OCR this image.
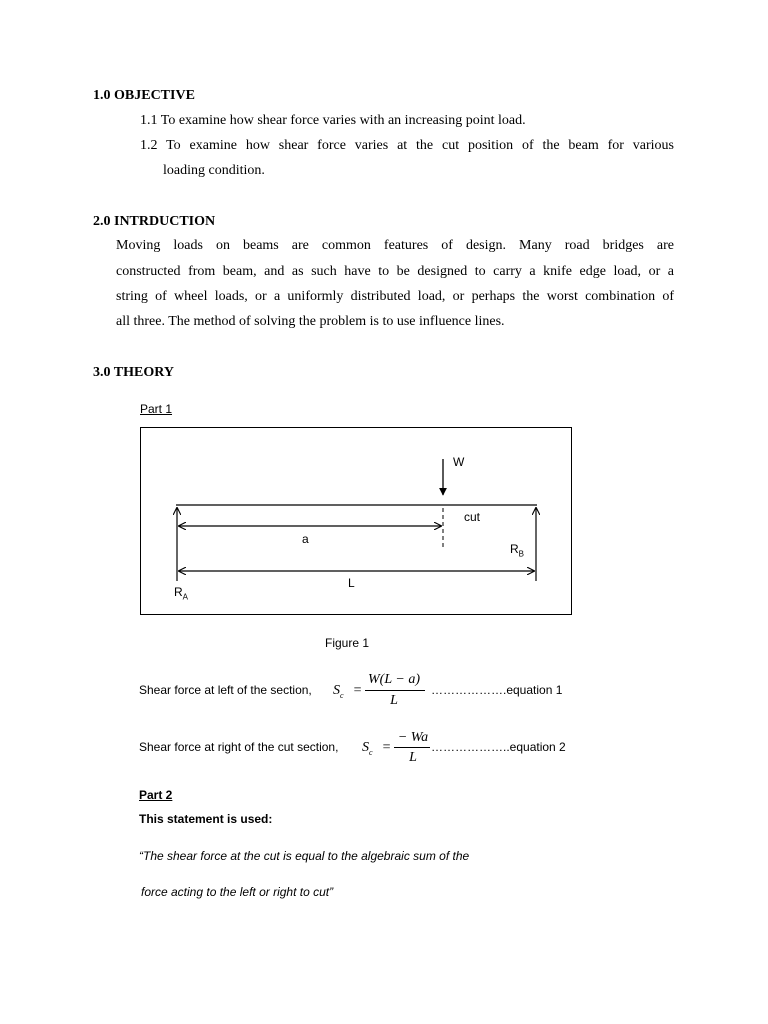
1.0 OBJECTIVE
1.1 To examine how shear force varies with an increasing point load.
1.2 To examine how shear force varies at the cut position of the beam for various
loading condition.
2.0 INTRDUCTION
Moving loads on beams are common features of design. Many road bridges are
constructed from beam, and as such have to be designed to carry a knife edge load, or a
string of wheel loads, or a uniformly distributed load, or perhaps the worst combination of
all three. The method of solving the problem is to use influence lines.
3.0 THEORY
Part 1
W
cut
a
L
$R_B$
$R_A$
Figure 1
Shear force at left of the section, $S_c$ =
W(L − a)
L
……………….equation 1
Shear force at right of the cut section, $S_c$ =
− Wa
L
………………..equation 2
Part 2
This statement is used:
“The shear force at the cut is equal to the algebraic sum of the
force acting to the left or right to cut”
